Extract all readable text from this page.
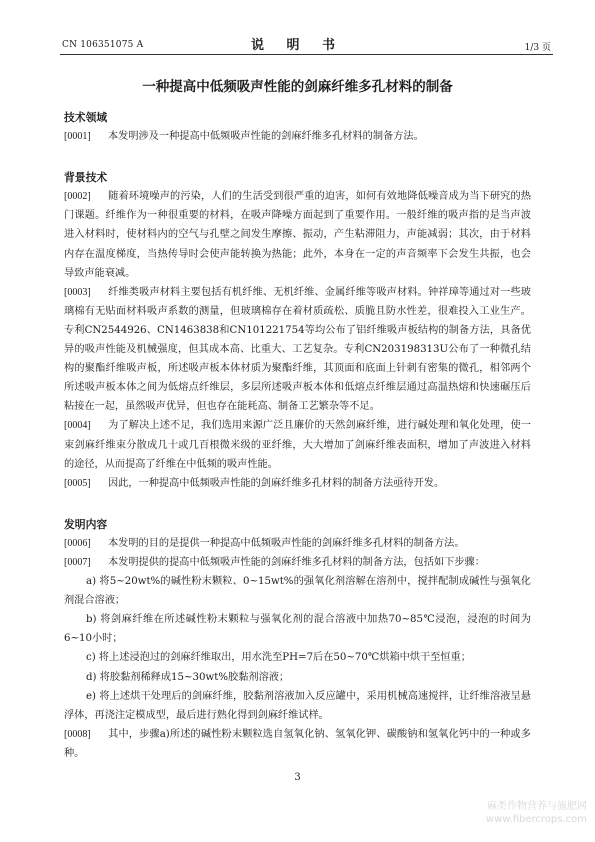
CN 106351075 A	说 明 书	1/3 页
一种提高中低频吸声性能的剑麻纤维多孔材料的制备

技术领域

[0001] 本发明涉及一种提高中低频吸声性能的剑麻纤维多孔材料的制备方法。

背景技术

[0002] 随着环境噪声的污染，人们的生活受到很严重的迫害，如何有效地降低噪音成为当下研究的热门课题。纤维作为一种很重要的材料，在吸声降噪方面起到了重要作用。一般纤维的吸声指的是当声波进入材料时，使材料内的空气与孔壁之间发生摩擦、振动，产生粘滞阻力，声能减弱；其次，由于材料内存在温度梯度，当热传导时会使声能转换为热能；此外，本身在一定的声音频率下会发生共振，也会导致声能衰减。

[0003] 纤维类吸声材料主要包括有机纤维、无机纤维、金属纤维等吸声材料。钟祥璋等通过对一些玻璃棉有无贴面材料吸声系数的测量，但玻璃棉存在着材质疏松、质脆且防水性差，很难投入工业生产。专利CN2544926、CN1463838和CN101221754等均公布了铝纤维吸声板结构的制备方法，具备优异的吸声性能及机械强度，但其成本高、比重大、工艺复杂。专利CN203198313U公布了一种微孔结构的聚酯纤维吸声板，所述吸声板本体材质为聚酯纤维，其顶面和底面上针刺有密集的微孔，相邻两个所述吸声板本体之间为低熔点纤维层，多层所述吸声板本体和低熔点纤维层通过高温热熔和快速碾压后粘接在一起，虽然吸声优异，但也存在能耗高、制备工艺繁杂等不足。

[0004] 为了解决上述不足，我们选用来源广泛且廉价的天然剑麻纤维，进行碱处理和氧化处理，使一束剑麻纤维束分散成几十或几百根微米级的亚纤维，大大增加了剑麻纤维表面积，增加了声波进入材料的途径，从而提高了纤维在中低频的吸声性能。

[0005] 因此，一种提高中低频吸声性能的剑麻纤维多孔材料的制备方法亟待开发。

发明内容

[0006] 本发明的目的是提供一种提高中低频吸声性能的剑麻纤维多孔材料的制备方法。

[0007] 本发明提供的提高中低频吸声性能的剑麻纤维多孔材料的制备方法，包括如下步骤：

a) 将5~20wt%的碱性粉末颗粒、0~15wt%的强氧化剂溶解在溶剂中，搅拌配制成碱性与强氧化剂混合溶液；

b) 将剑麻纤维在所述碱性粉末颗粒与强氧化剂的混合溶液中加热70~85℃浸泡，浸泡的时间为6~10小时；

c) 将上述浸泡过的剑麻纤维取出，用水洗至PH=7后在50~70℃烘箱中烘干至恒重；

d) 将胶黏剂稀释成15~30wt%胶黏剂溶液；

e) 将上述烘干处理后的剑麻纤维，胶黏剂溶液加入反应罐中，采用机械高速搅拌，让纤维溶液呈悬浮体，再浇注定模成型，最后进行熟化得到剑麻纤维试样。

[0008] 其中，步骤a)所述的碱性粉末颗粒选自氢氧化钠、氢氧化钾、碳酸钠和氢氧化钙中的一种或多种。

3
麻类作物营养与施肥网
www.fibercrops.com
